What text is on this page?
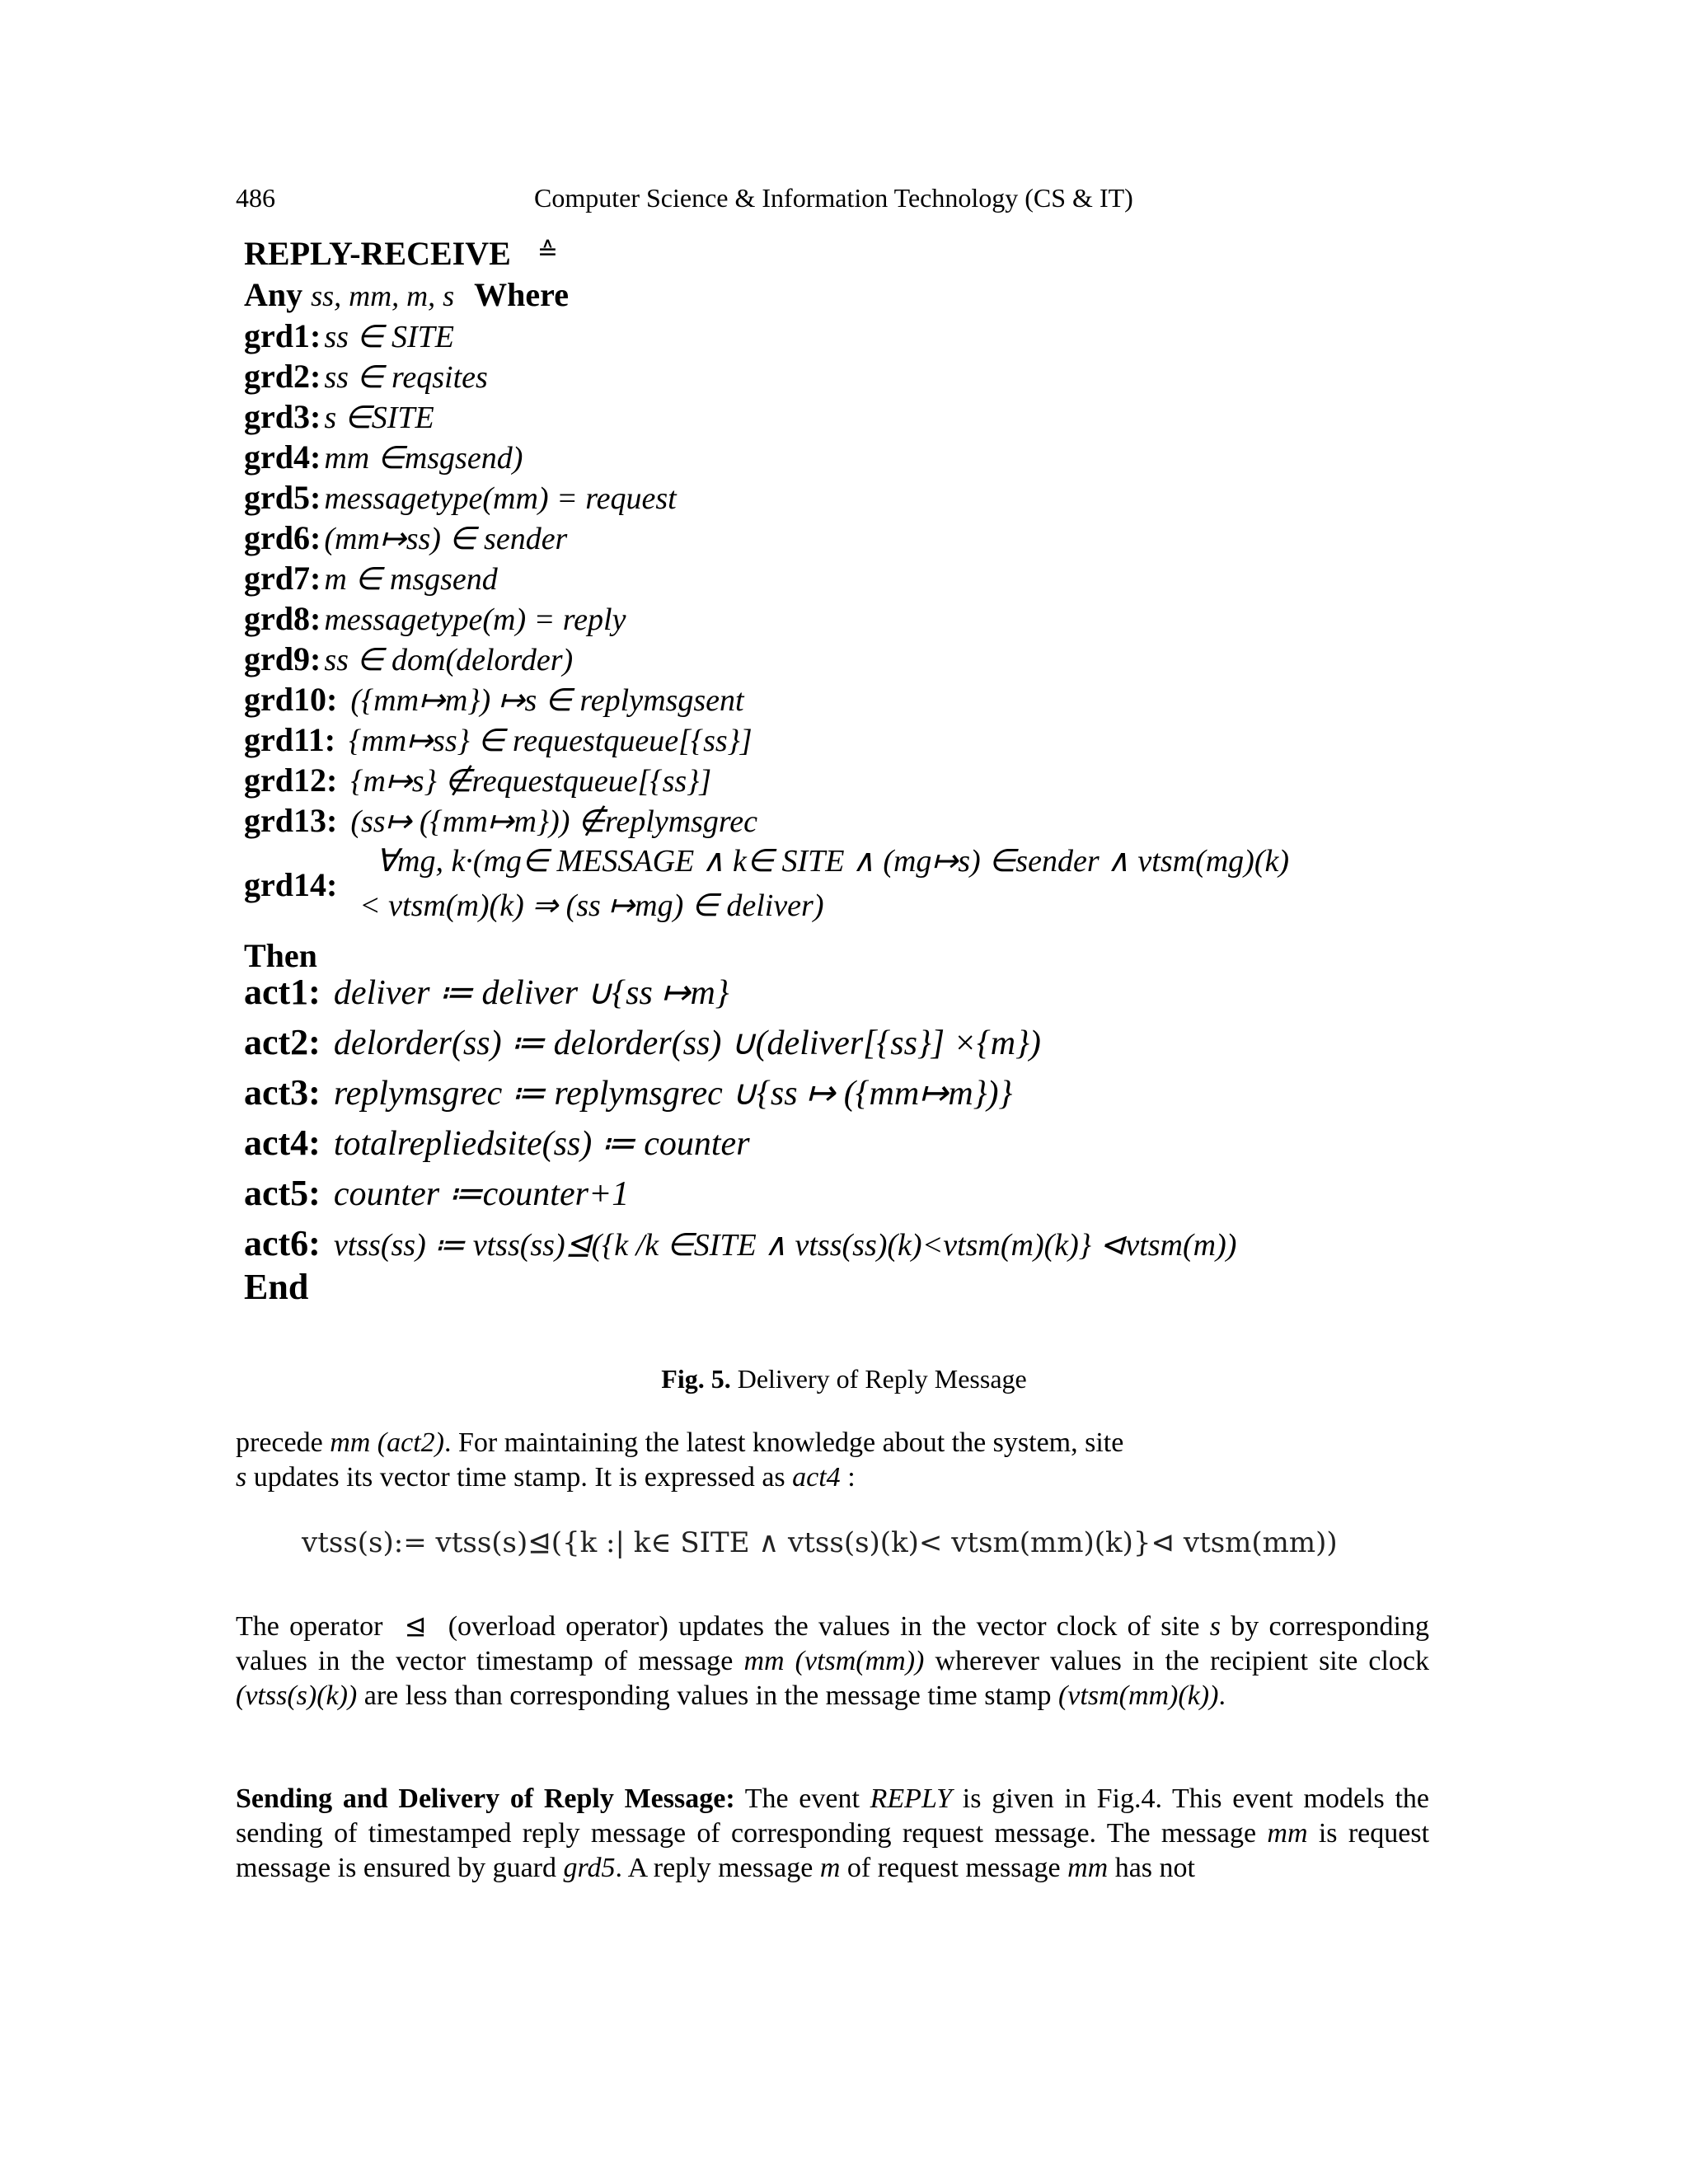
486	Computer Science & Information Technology (CS & IT)
REPLY-RECEIVE ≙
Any ss, mm, m, s Where
grd1: ss ∈ SITE
grd2: ss ∈ reqsites
grd3: s ∈SITE
grd4: mm ∈msgsend)
grd5: messagetype(mm) = request
grd6: (mm↦ss) ∈ sender
grd7: m ∈ msgsend
grd8: messagetype(m) = reply
grd9: ss ∈ dom(delorder)
grd10: ({mm↦m}) ↦s ∈ replymsgsent
grd11: {mm↦ss} ∈ requestqueue[{ss}]
grd12: {m↦s} ∉requestqueue[{ss}]
grd13: (ss↦ ({mm↦m})) ∉replymsgrec
grd14:
∀mg, k·(mg∈ MESSAGE ∧ k∈ SITE ∧ (mg↦s) ∈sender ∧ vtsm(mg)(k)
< vtsm(m)(k) ⇒ (ss ↦mg) ∈ deliver)
Then
act1: deliver ≔ deliver ∪{ss ↦m}
act2: delorder(ss) ≔ delorder(ss) ∪(deliver[{ss}] ×{m})
act3: replymsgrec ≔ replymsgrec ∪{ss ↦ ({mm↦m})}
act4: totalrepliedsite(ss) ≔ counter
act5: counter ≔counter+1
act6: vtss(ss) ≔ vtss(ss)⊴({k /k ∈SITE ∧ vtss(ss)(k)<vtsm(m)(k)} ⊲vtsm(m))
End
Fig. 5. Delivery of Reply Message
precede mm (act2). For maintaining the latest knowledge about the system, site
s updates its vector time stamp. It is expressed as act4 :
vtss(s):= vtss(s)⊴({k :| k∈ SITE ∧ vtss(s)(k)< vtsm(mm)(k)}⊲ vtsm(mm))
The operator ⊴ (overload operator) updates the values in the vector clock of site s by corresponding values in the vector timestamp of message mm (vtsm(mm)) wherever values in the recipient site clock (vtss(s)(k)) are less than corresponding values in the message time stamp (vtsm(mm)(k)).
Sending and Delivery of Reply Message: The event REPLY is given in Fig.4. This event models the sending of timestamped reply message of corresponding request message. The message mm is request message is ensured by guard grd5. A reply message m of request message mm has not
